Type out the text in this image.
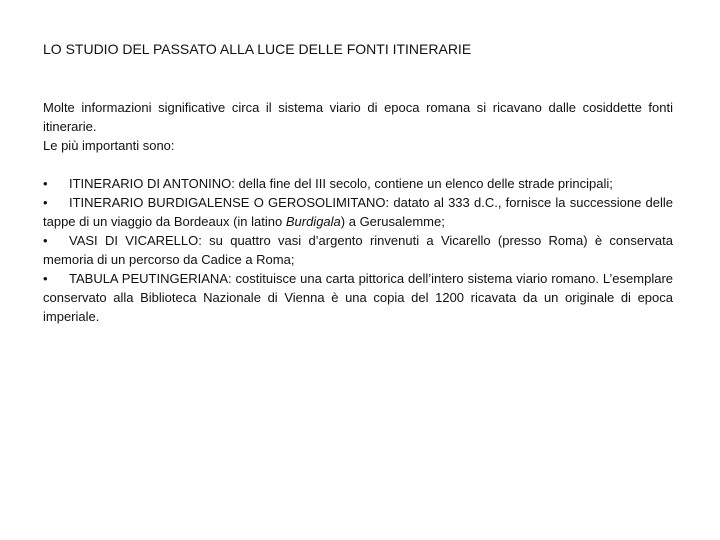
LO STUDIO DEL PASSATO ALLA LUCE DELLE FONTI ITINERARIE

Molte informazioni significative circa il sistema viario di epoca romana si ricavano dalle cosiddette fonti itinerarie.
Le più importanti sono:

• ITINERARIO DI ANTONINO: della fine del III secolo, contiene un elenco delle strade principali;

• ITINERARIO BURDIGALENSE O GEROSOLIMITANO: datato al 333 d.C., fornisce la successione delle tappe di un viaggio da Bordeaux (in latino Burdigala) a Gerusalemme;

• VASI DI VICARELLO: su quattro vasi d’argento rinvenuti a Vicarello (presso Roma) è conservata memoria di un percorso da Cadice a Roma;

• TABULA PEUTINGERIANA: costituisce una carta pittorica dell’intero sistema viario romano. L’esemplare conservato alla Biblioteca Nazionale di Vienna è una copia del 1200 ricavata da un originale di epoca imperiale.
